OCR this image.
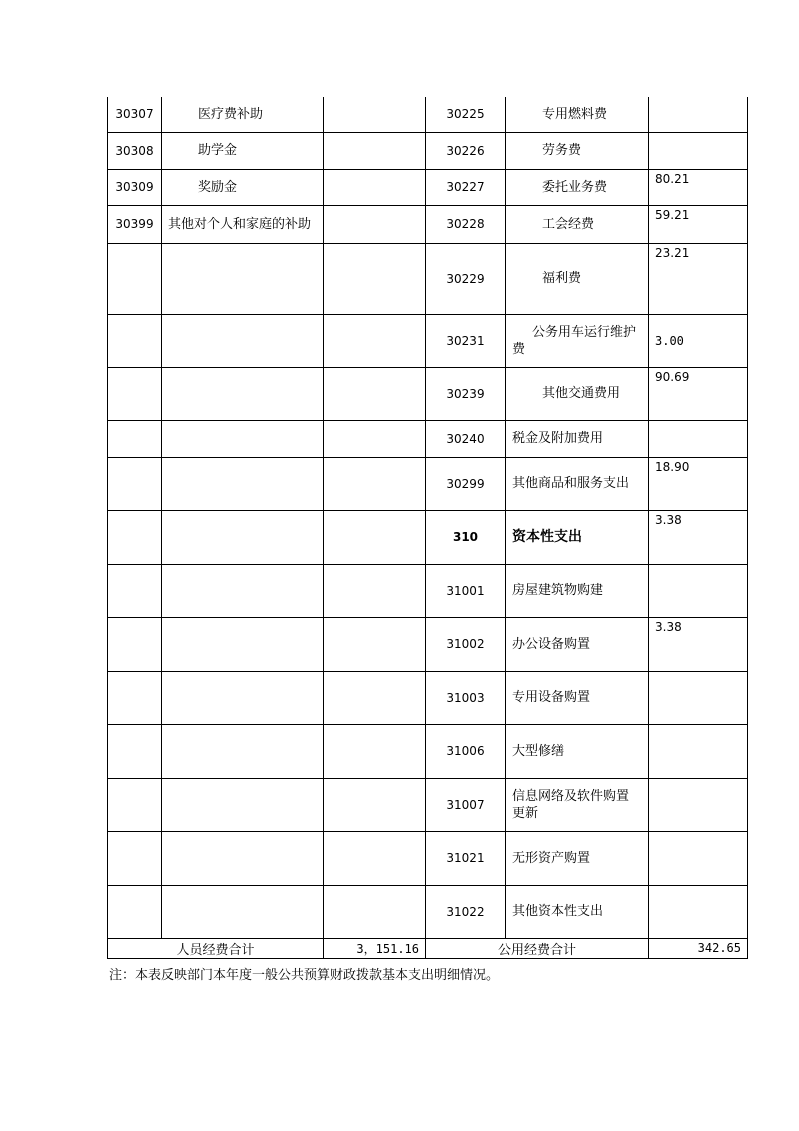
30307	医疗费补助		30225	专用燃料费	
30308	助学金		30226	劳务费	
30309	奖励金		30227	委托业务费	80.21
30399	其他对个人和家庭的补助		30228	工会经费	59.21
			30229	福利费	23.21
			30231	公务用车运行维护费	3.00
			30239	其他交通费用	90.69
			30240	税金及附加费用	
			30299	其他商品和服务支出	18.90
			310	资本性支出	3.38
			31001	房屋建筑物购建	
			31002	办公设备购置	3.38
			31003	专用设备购置	
			31006	大型修缮	
			31007	信息网络及软件购置更新	
			31021	无形资产购置	
			31022	其他资本性支出	
人员经费合计		3，151.16	公用经费合计		342.65
注：本表反映部门本年度一般公共预算财政拨款基本支出明细情况。
